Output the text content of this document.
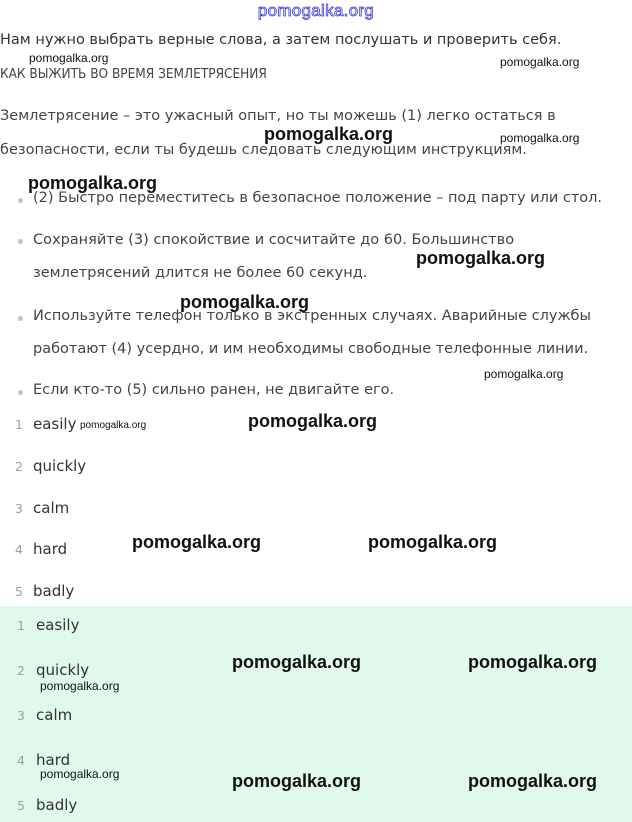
pomogalka.org
Нам нужно выбрать верные слова, а затем послушать и проверить себя.
КАК ВЫЖИТЬ ВО ВРЕМЯ ЗЕМЛЕТРЯСЕНИЯ
Землетрясение – это ужасный опыт, но ты можешь (1) легко остаться в
безопасности, если ты будешь следовать следующим инструкциям.
(2) Быстро переместитесь в безопасное положение – под парту или стол.
Сохраняйте (3) спокойствие и сосчитайте до 60. Большинство
землетрясений длится не более 60 секунд.
Используйте телефон только в экстренных случаях. Аварийные службы
работают (4) усердно, и им необходимы свободные телефонные линии.
Если кто-то (5) сильно ранен, не двигайте его.
1 easily
2 quickly
3 calm
4 hard
5 badly
1 easily
2 quickly
3 calm
4 hard
5 badly
pomogalka.org	pomogalka.org
pomogalka.org	pomogalka.org
pomogalka.org
pomogalka.org
pomogalka.org
pomogalka.org
pomogalka.org	pomogalka.org
pomogalka.org	pomogalka.org
pomogalka.org	pomogalka.org
pomogalka.org
pomogalka.org	pomogalka.org	pomogalka.org
